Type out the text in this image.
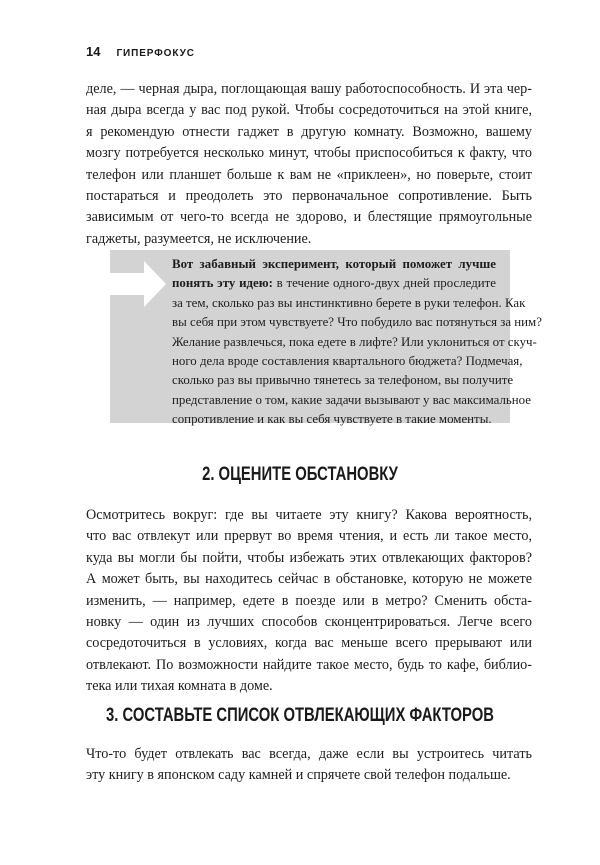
14 ГИПЕРФОКУС
деле, — черная дыра, поглощающая вашу работоспособность. И эта чер-
ная дыра всегда у вас под рукой. Чтобы сосредоточиться на этой книге,
я рекомендую отнести гаджет в другую комнату. Возможно, вашему
мозгу потребуется несколько минут, чтобы приспособиться к факту, что
телефон или планшет больше к вам не «приклеен», но поверьте, стоит
постараться и преодолеть это первоначальное сопротивление. Быть
зависимым от чего-то всегда не здорово, и блестящие прямоугольные
гаджеты, разумеется, не исключение.
Вот забавный эксперимент, который поможет лучше
понять эту идею: в течение одного-двух дней проследите
за тем, сколько раз вы инстинктивно берете в руки телефон. Как
вы себя при этом чувствуете? Что побудило вас потянуться за ним?
Желание развлечься, пока едете в лифте? Или уклониться от скуч-
ного дела вроде составления квартального бюджета? Подмечая,
сколько раз вы привычно тянетесь за телефоном, вы получите
представление о том, какие задачи вызывают у вас максимальное
сопротивление и как вы себя чувствуете в такие моменты.
2. ОЦЕНИТЕ ОБСТАНОВКУ
Осмотритесь вокруг: где вы читаете эту книгу? Какова вероятность,
что вас отвлекут или прервут во время чтения, и есть ли такое место,
куда вы могли бы пойти, чтобы избежать этих отвлекающих факторов?
А может быть, вы находитесь сейчас в обстановке, которую не можете
изменить, — например, едете в поезде или в метро? Сменить обста-
новку — один из лучших способов сконцентрироваться. Легче всего
сосредоточиться в условиях, когда вас меньше всего прерывают или
отвлекают. По возможности найдите такое место, будь то кафе, библио-
тека или тихая комната в доме.
3. СОСТАВЬТЕ СПИСОК ОТВЛЕКАЮЩИХ ФАКТОРОВ
Что-то будет отвлекать вас всегда, даже если вы устроитесь читать
эту книгу в японском саду камней и спрячете свой телефон подальше.
